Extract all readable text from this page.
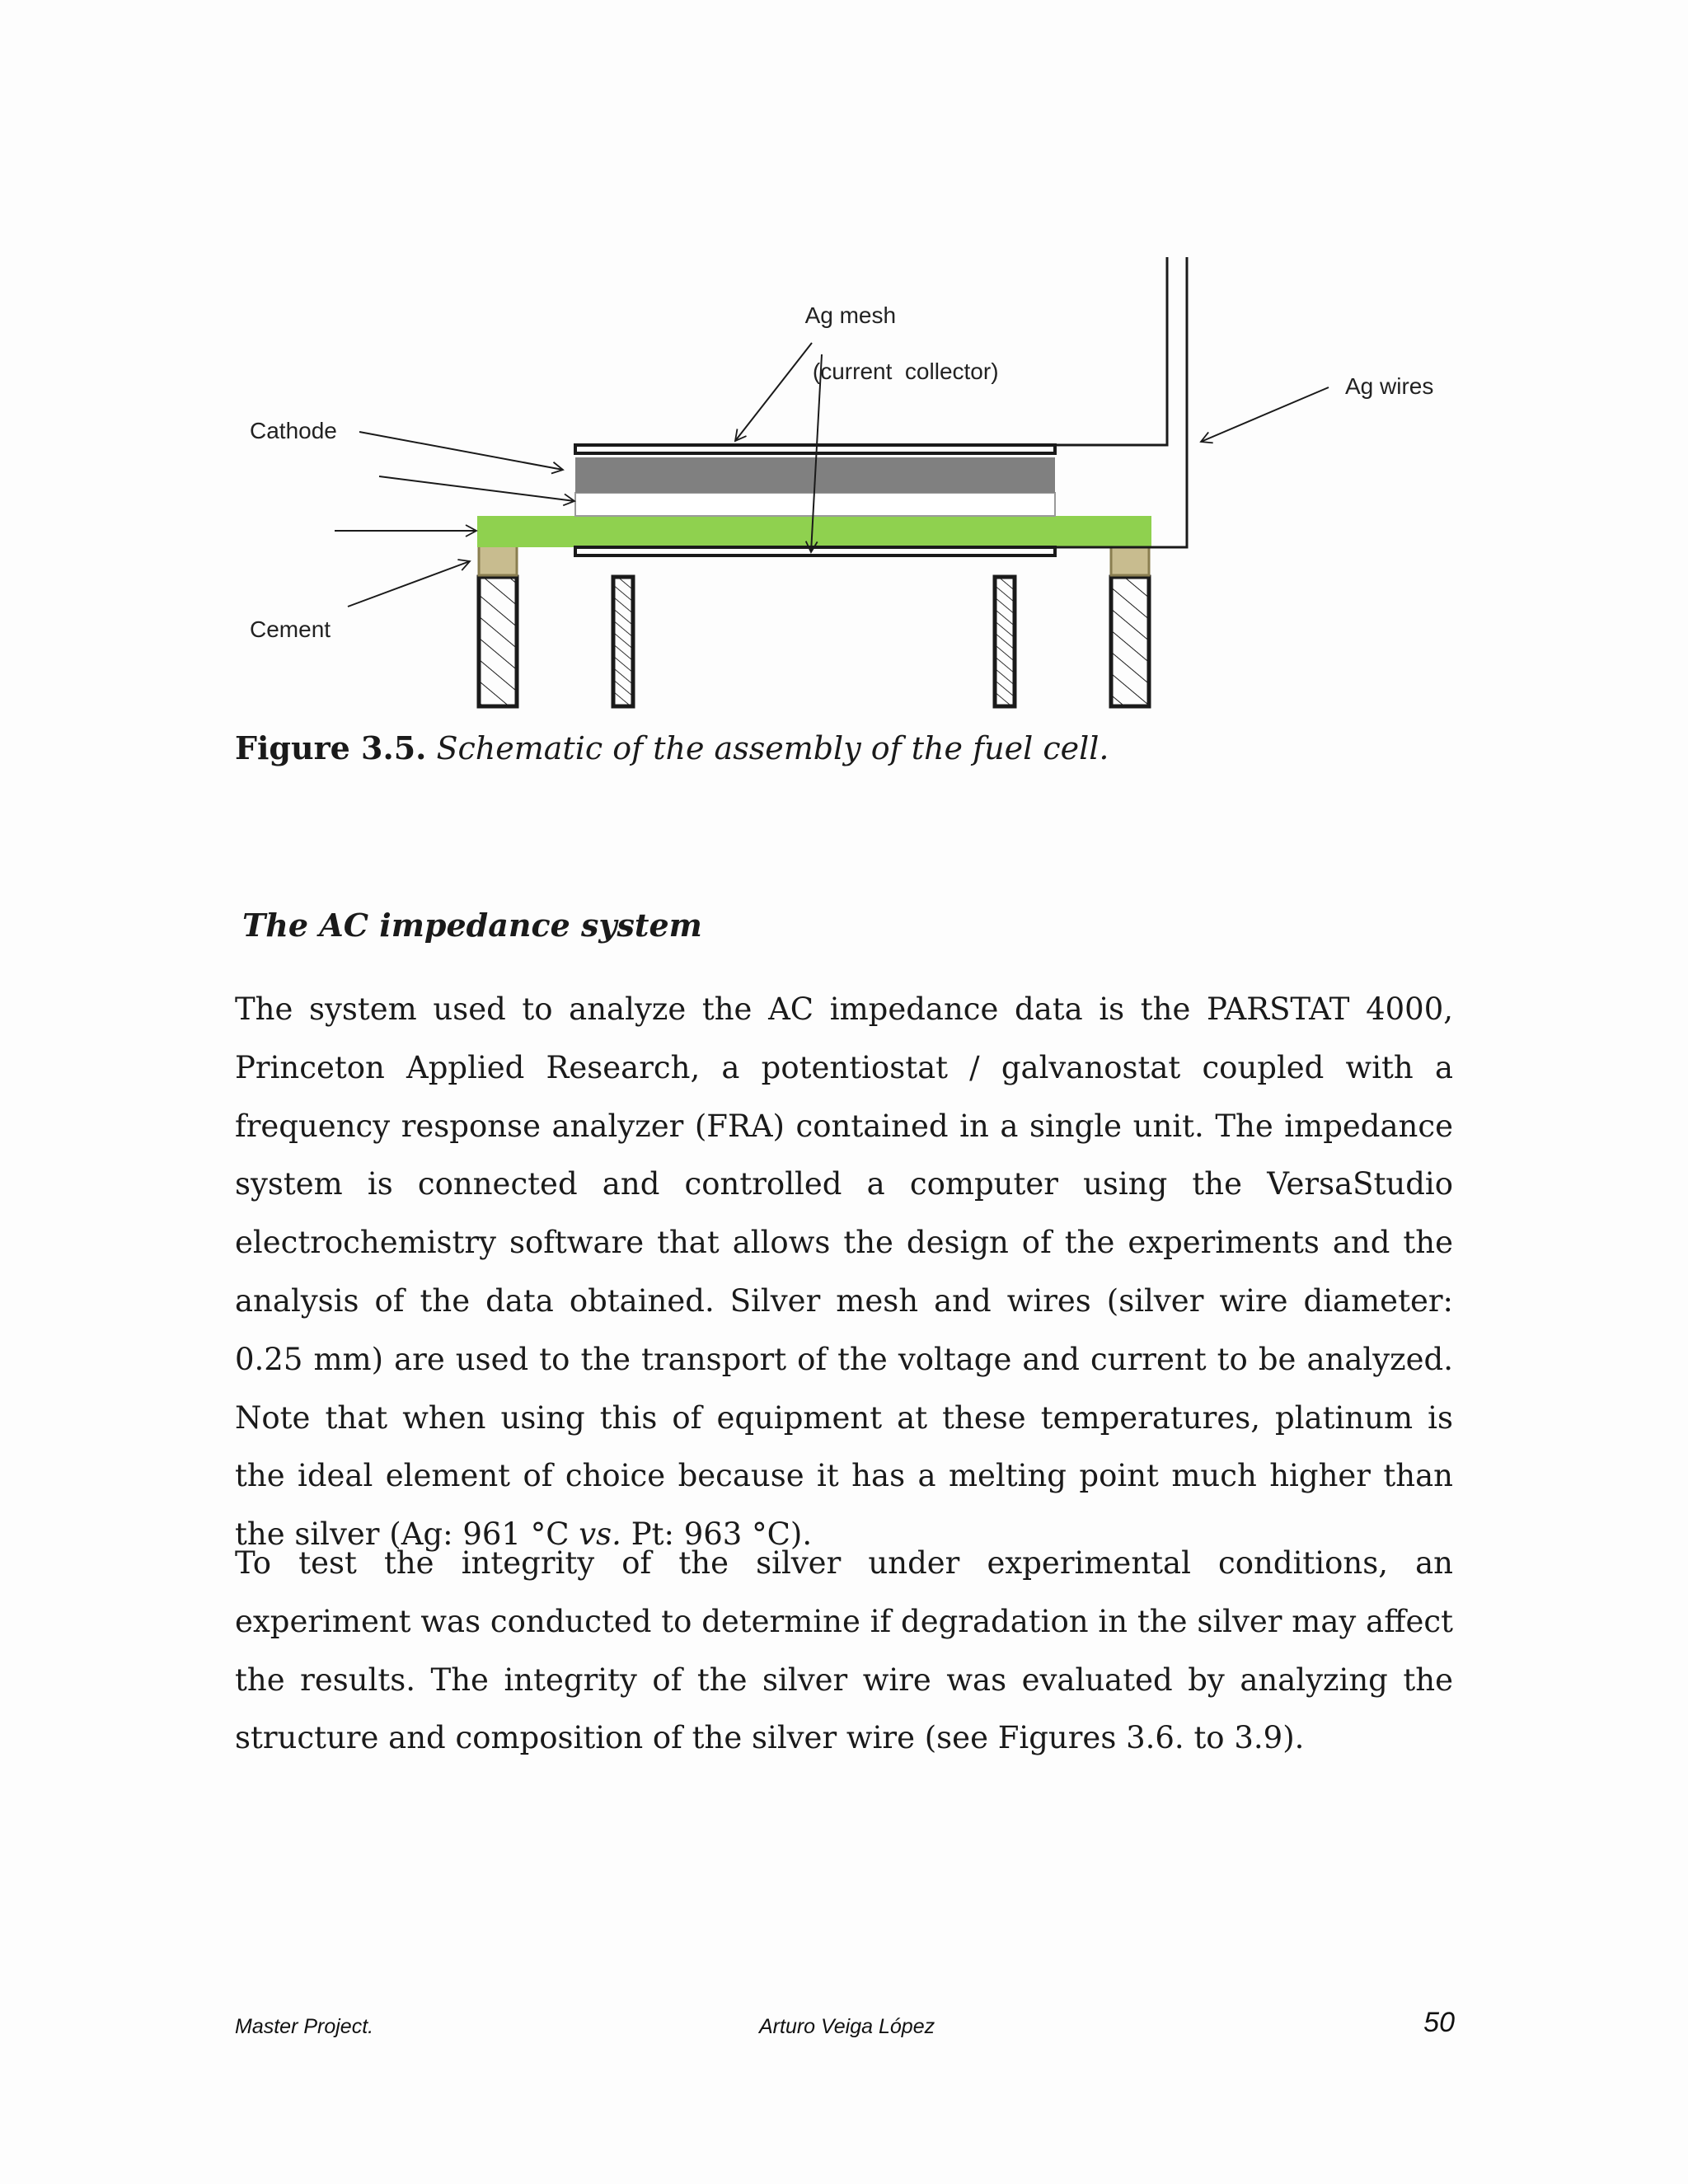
Ag mesh

(current  collector)

Ag wires
Cathode
Cement
Figure 3.5. Schematic of the assembly of the fuel cell.
The AC impedance system

The system used to analyze the AC impedance data is the PARSTAT 4000, Princeton Applied Research, a potentiostat / galvanostat coupled with a frequency response analyzer (FRA) contained in a single unit. The impedance system is connected and controlled a computer using the VersaStudio electrochemistry software that allows the design of the experiments and the analysis of the data obtained. Silver mesh and wires (silver wire diameter: 0.25 mm) are used to the transport of the voltage and current to be analyzed. Note that when using this of equipment at these temperatures, platinum is the ideal element of choice because it has a melting point much higher than the silver (Ag: 961 °C vs. Pt: 963 °C).

To test the integrity of the silver under experimental conditions, an experiment was conducted to determine if degradation in the silver may affect the results. The integrity of the silver wire was evaluated by analyzing the structure and composition of the silver wire (see Figures 3.6. to 3.9).

Master Project.	Arturo Veiga López	50
